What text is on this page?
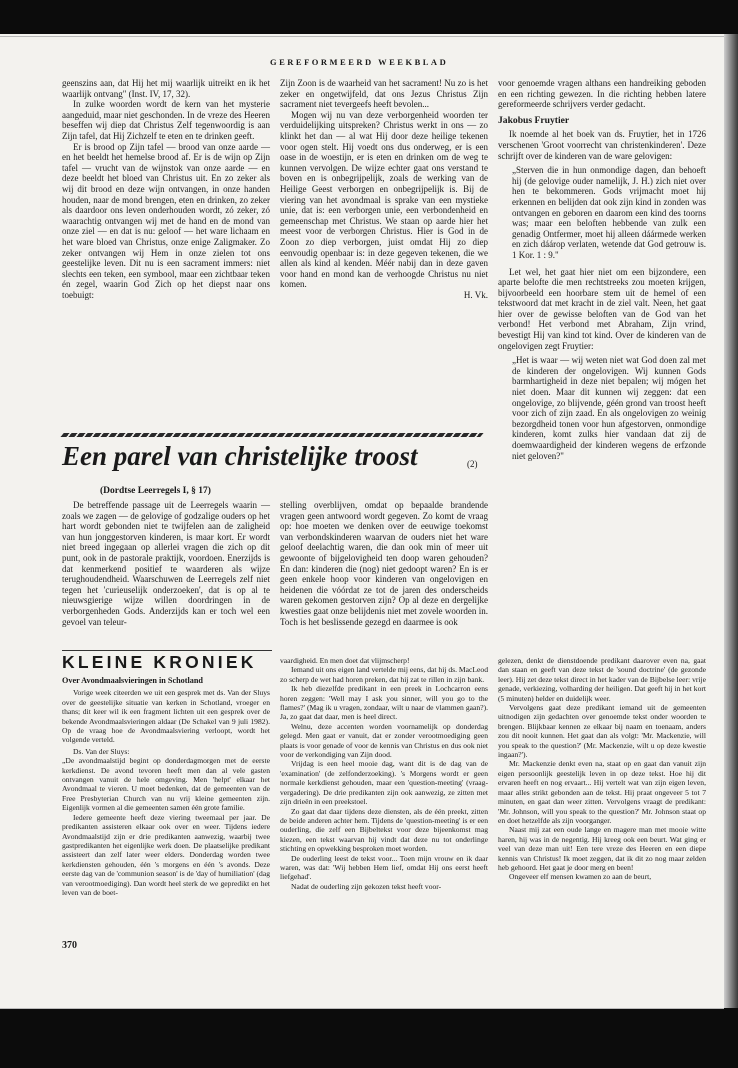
GEREFORMEERD WEEKBLAD

geenszins aan, dat Hij het mij waarlijk uitreikt en ik het waarlijk ontvang" (Inst. IV, 17, 32).

In zulke woorden wordt de kern van het mysterie aangeduid, maar niet geschonden. In de vreze des Heeren beseffen wij diep dat Christus Zelf tegenwoordig is aan Zijn tafel, dat Hij Zichzelf te eten en te drinken geeft.

Er is brood op Zijn tafel — brood van onze aarde — en het beeldt het hemelse brood af. Er is de wijn op Zijn tafel — vrucht van de wijnstok van onze aarde — en deze beeldt het bloed van Christus uit. En zo zeker als wij dit brood en deze wijn ontvangen, in onze handen houden, naar de mond brengen, eten en drinken, zo zeker als daardoor ons leven onderhouden wordt, zó zeker, zó waarachtig ontvangen wij met de hand en de mond van onze ziel — en dat is nu: geloof — het ware lichaam en het ware bloed van Christus, onze enige Zaligmaker. Zo zeker ontvangen wij Hem in onze zielen tot ons geestelijke leven. Dit nu is een sacrament immers: niet slechts een teken, een symbool, maar een zichtbaar teken én zegel, waarin God Zich op het diepst naar ons toebuigt:

Zijn Zoon is de waarheid van het sacrament! Nu zo is het zeker en ongetwijfeld, dat ons Jezus Christus Zijn sacrament niet tevergeefs heeft bevolen...

Mogen wij nu van deze verborgenheid woorden ter verduidelijking uitspreken? Christus werkt in ons — zo klinkt het dan — al wat Hij door deze heilige tekenen voor ogen stelt. Hij voedt ons dus onderweg, er is een oase in de woestijn, er is eten en drinken om de weg te kunnen vervolgen. De wijze echter gaat ons verstand te boven en is onbegrijpelijk, zoals de werking van de Heilige Geest verborgen en onbegrijpelijk is. Bij de viering van het avondmaal is sprake van een mystieke unie, dat is: een verborgen unie, een verbondenheid en gemeenschap met Christus. We staan op aarde hier het meest voor de verborgen Christus. Hier is God in de Zoon zo diep verborgen, juist omdat Hij zo diep eenvoudig openbaar is: in deze gegeven tekenen, die we allen als kind al kenden. Méér nabij dan in deze gaven voor hand en mond kan de verhoogde Christus nu niet komen.

H. Vk.

voor genoemde vragen althans een handreiking geboden en een richting gewezen. In die richting hebben latere gereformeerde schrijvers verder gedacht.

Jakobus Fruytier

Ik noemde al het boek van ds. Fruytier, het in 1726 verschenen 'Groot voorrecht van christenkinderen'. Deze schrijft over de kinderen van de ware gelovigen:

„Sterven die in hun onmondige dagen, dan behoeft hij (de gelovige ouder namelijk, J. H.) zich niet over hen te bekommeren. Gods vrijmacht moet hij erkennen en belijden dat ook zijn kind in zonden was ontvangen en geboren en daarom een kind des toorns was; maar een beloften hebbende van zulk een genadig Ontfermer, moet hij alleen dáármede werken en zich dáárop verlaten, wetende dat God getrouw is. 1 Kor. 1 : 9."

Let wel, het gaat hier niet om een bijzondere, een aparte belofte die men rechtstreeks zou moeten krijgen, bijvoorbeeld een hoorbare stem uit de hemel of een tekstwoord dat met kracht in de ziel valt. Neen, het gaat hier over de gewisse beloften van de God van het verbond! Het verbond met Abraham, Zijn vrind, bevestigt Hij van kind tot kind. Over de kinderen van de ongelovigen zegt Fruytier:

„Het is waar — wij weten niet wat God doen zal met de kinderen der ongelovigen. Wij kunnen Gods barmhartigheid in deze niet bepalen; wij mógen het niet doen. Maar dit kunnen wij zeggen: dat een ongelovige, zo blijvende, géén grond van troost heeft voor zich of zijn zaad. En als ongelovigen zo weinig bezorgdheid tonen voor hun afgestorven, onmondige kinderen, komt zulks hier vandaan dat zij de doemwaardigheid der kinderen wegens de erfzonde niet geloven?"

Een parel van christelijke troost	(2)
(Dordtse Leerregels I, § 17)

De betreffende passage uit de Leerregels waarin — zoals we zagen — de gelovige of godzalige ouders op het hart wordt gebonden niet te twijfelen aan de zaligheid van hun jonggestorven kinderen, is maar kort. Er wordt niet breed ingegaan op allerlei vragen die zich op dit punt, ook in de pastorale praktijk, voordoen. Enerzijds is dat kenmerkend positief te waarderen als wijze terughoudendheid. Waarschuwen de Leerregels zelf niet tegen het 'curieuselijk onderzoeken', dat is op al te nieuwsgierige wijze willen doordringen in de verborgenheden Gods. Anderzijds kan er toch wel een gevoel van teleur-

stelling overblijven, omdat op bepaalde brandende vragen geen antwoord wordt gegeven. Zo komt de vraag op: hoe moeten we denken over de eeuwige toekomst van verbondskinderen waarvan de ouders niet het ware geloof deelachtig waren, die dan ook min of meer uit gewoonte of bijgelovigheid ten doop waren gehouden? En dan: kinderen die (nog) niet gedoopt waren? En is er geen enkele hoop voor kinderen van ongelovigen en heidenen die vóórdat ze tot de jaren des onderscheids waren gekomen gestorven zijn? Op al deze en dergelijke kwesties gaat onze belijdenis niet met zovele woorden in. Toch is het beslissende gezegd en daarmee is ook

KLEINE KRONIEK
Over Avondmaalsvieringen in Schotland

Vorige week citeerden we uit een gesprek met ds. Van der Sluys over de geestelijke situatie van kerken in Schotland, vroeger en thans; dit keer wil ik een fragment lichten uit een gesprek over de bekende Avondmaalsvieringen aldaar (De Schakel van 9 juli 1982). Op de vraag hoe de Avondmaalsviering verloopt, wordt het volgende verteld.

Ds. Van der Sluys:

„De avondmaalstijd begint op donderdagmorgen met de eerste kerkdienst. De avond tevoren heeft men dan al vele gasten ontvangen vanuit de hele omgeving. Men 'helpt' elkaar het Avondmaal te vieren. U moet bedenken, dat de gemeenten van de Free Presbyterian Church van nu vrij kleine gemeenten zijn. Eigenlijk vormen al die gemeenten samen één grote familie.

Iedere gemeente heeft deze viering tweemaal per jaar. De predikanten assisteren elkaar ook over en weer. Tijdens iedere Avondmaalstijd zijn er drie predikanten aanwezig, waarbij twee gastpredikanten het eigenlijke werk doen. De plaatselijke predikant assisteert dan zelf later weer elders. Donderdag worden twee kerkdiensten gehouden, één 's morgens en één 's avonds. Deze eerste dag van de 'communion season' is de 'day of humiliation' (dag van verootmoediging). Dan wordt heel sterk de we gepredikt en het leven van de boet-

vaardigheid. En men doet dat vlijmscherp!

Iemand uit ons eigen land vertelde mij eens, dat hij ds. MacLeod zo scherp de wet had horen preken, dat hij zat te rillen in zijn bank.

Ik heb diezelfde predikant in een preek in Lochcarron eens horen zeggen: 'Well may I ask you sinner, will you go to the flames?' (Mag ik u vragen, zondaar, wilt u naar de vlammen gaan?). Ja, zo gaat dat daar, men is heel direct.

Welnu, deze accenten worden voornamelijk op donderdag gelegd. Men gaat er vanuit, dat er zonder verootmoediging geen plaats is voor genade of voor de kennis van Christus en dus ook niet voor de verkondiging van Zijn dood.

Vrijdag is een heel mooie dag, want dit is de dag van de 'examination' (de zelfonderzoeking). 's Morgens wordt er geen normale kerkdienst gehouden, maar een 'question-meeting' (vraag-vergadering). De drie predikanten zijn ook aanwezig, ze zitten met zijn drieën in een preekstoel.

Zo gaat dat daar tijdens deze diensten, als de één preekt, zitten de beide anderen achter hem. Tijdens de 'question-meeting' is er een ouderling, die zelf een Bijbeltekst voor deze bijeenkomst mag kiezen, een tekst waarvan hij vindt dat deze nu tot onderlinge stichting en opwekking besproken moet worden.

De ouderling leest de tekst voor... Toen mijn vrouw en ik daar waren, was dat: 'Wij hebben Hem lief, omdat Hij ons eerst heeft liefgehad'.

Nadat de ouderling zijn gekozen tekst heeft voor-

gelezen, denkt de dienstdoende predikant daarover even na, gaat dan staan en geeft van deze tekst de 'sound doctrine' (de gezonde leer). Hij zet deze tekst direct in het kader van de Bijbelse leer: vrije genade, verkiezing, volharding der heiligen. Dat geeft hij in het kort (5 minuten) helder en duidelijk weer.

Vervolgens gaat deze predikant iemand uit de gemeenten uitnodigen zijn gedachten over genoemde tekst onder woorden te brengen. Blijkbaar kennen ze elkaar bij naam en toenaam, anders zou dit nooit kunnen. Het gaat dan als volgt: 'Mr. Mackenzie, will you speak to the question?' (Mr. Mackenzie, wilt u op deze kwestie ingaan?').

Mr. Mackenzie denkt even na, staat op en gaat dan vanuit zijn eigen persoonlijk geestelijk leven in op deze tekst. Hoe hij dit ervaren heeft en nog ervaart... Hij vertelt wat van zijn eigen leven, maar alles strikt gebonden aan de tekst. Hij praat ongeveer 5 tot 7 minuten, en gaat dan weer zitten. Vervolgens vraagt de predikant: 'Mr. Johnson, will you speak to the question?' Mr. Johnson staat op en doet hetzelfde als zijn voorganger.

Naast mij zat een oude lange en magere man met mooie witte haren, hij was in de negentig. Hij kreeg ook een beurt. Wat ging er veel van deze man uit! Een tere vreze des Heeren en een diepe kennis van Christus! Ik moet zeggen, dat ik dit zo nog maar zelden heb gehoord. Het gaat je door merg en been!

Ongeveer elf mensen kwamen zo aan de beurt,

370
